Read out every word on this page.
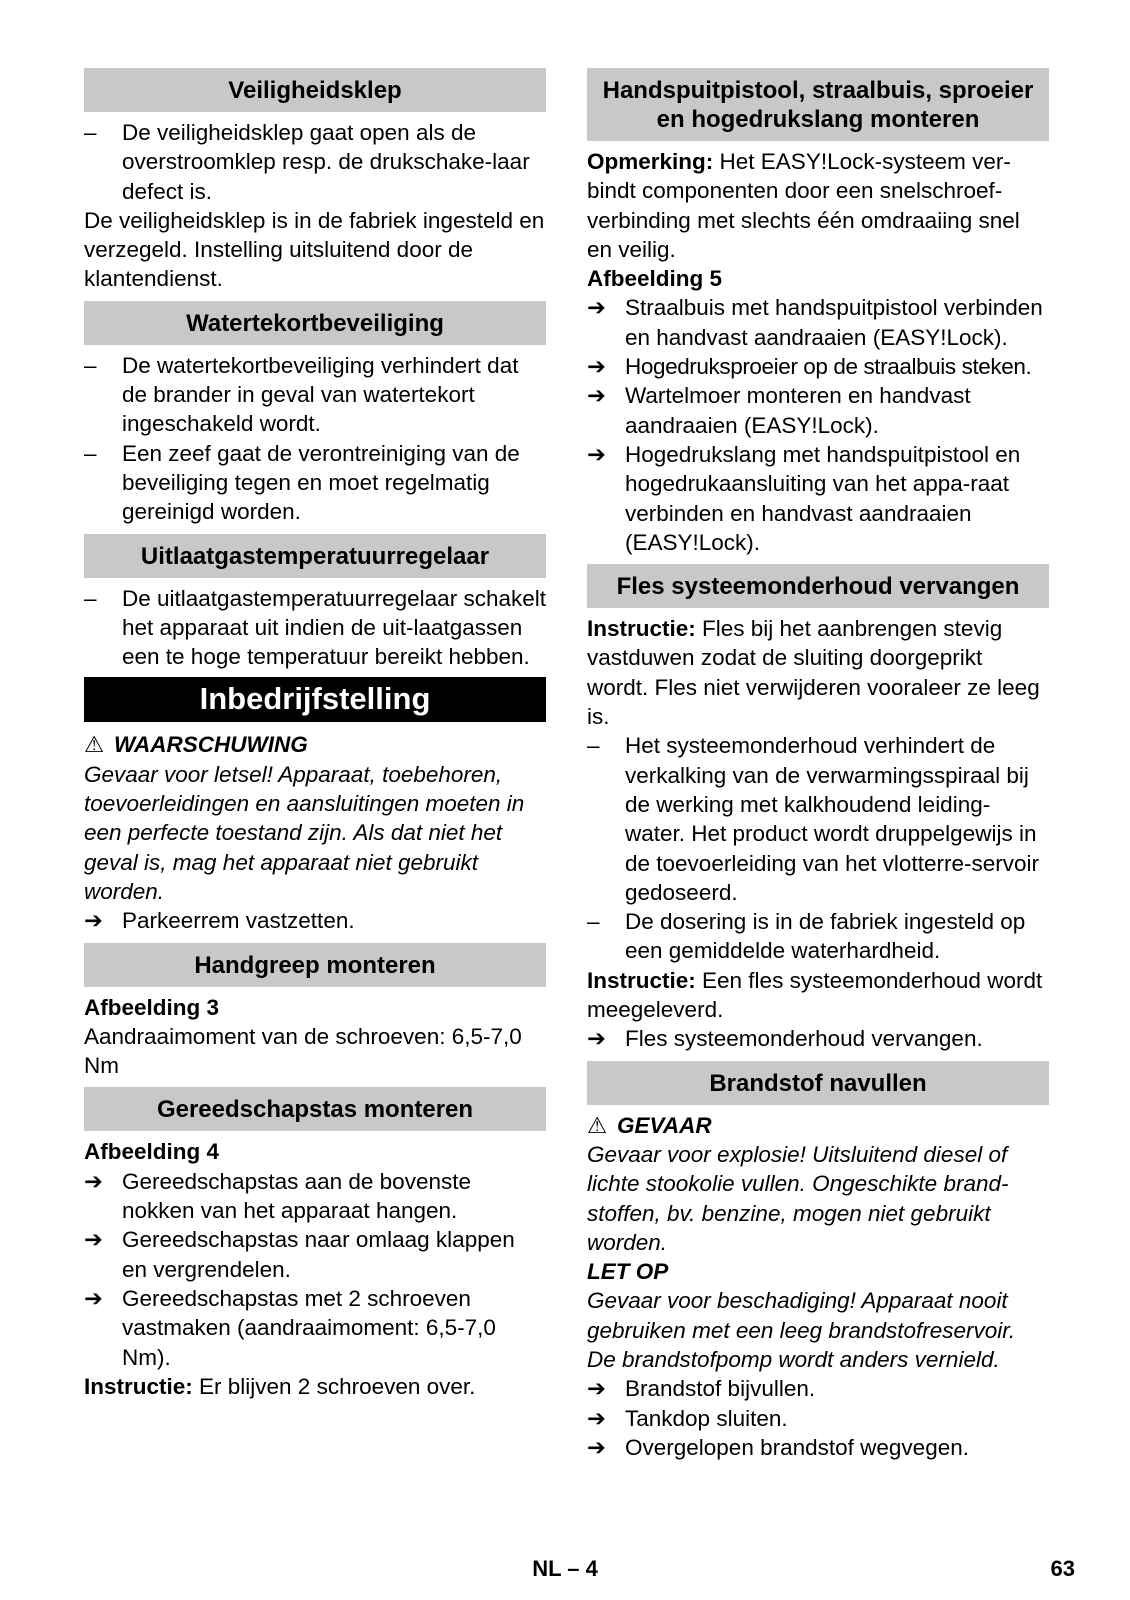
Veiligheidsklep
–	De veiligheidsklep gaat open als de overstroomklep resp. de drukschake-laar defect is.

De veiligheidsklep is in de fabriek ingesteld en verzegeld. Instelling uitsluitend door de klantendienst.

Watertekortbeveiliging
–	De watertekortbeveiliging verhindert dat de brander in geval van watertekort ingeschakeld wordt.
–	Een zeef gaat de verontreiniging van de beveiliging tegen en moet regelmatig gereinigd worden.
Uitlaatgastemperatuurregelaar
–	De uitlaatgastemperatuurregelaar schakelt het apparaat uit indien de uit-laatgassen een te hoge temperatuur bereikt hebben.
Inbedrijfstelling
⚠ WAARSCHUWING

Gevaar voor letsel! Apparaat, toebehoren, toevoerleidingen en aansluitingen moeten in een perfecte toestand zijn. Als dat niet het geval is, mag het apparaat niet gebruikt worden.

➔ Parkeerrem vastzetten.
Handgreep monteren

Afbeelding 3

Aandraaimoment van de schroeven: 6,5-7,0 Nm

Gereedschapstas monteren

Afbeelding 4

➔ Gereedschapstas aan de bovenste nokken van het apparaat hangen.
➔ Gereedschapstas naar omlaag klappen en vergrendelen.
➔ Gereedschapstas met 2 schroeven vastmaken (aandraaimoment: 6,5-7,0 Nm).

Instructie: Er blijven 2 schroeven over.

Handspuitpistool, straalbuis, sproeier en hogedrukslang monteren

Opmerking: Het EASY!Lock-systeem ver-bindt componenten door een snelschroef-verbinding met slechts één omdraaiing snel en veilig.

Afbeelding 5

➔ Straalbuis met handspuitpistool verbinden en handvast aandraaien (EASY!Lock).
➔ Hogedruksproeier op de straalbuis steken.
➔ Wartelmoer monteren en handvast aandraaien (EASY!Lock).
➔ Hogedrukslang met handspuitpistool en hogedrukaansluiting van het appa-raat verbinden en handvast aandraaien (EASY!Lock).
Fles systeemonderhoud vervangen

Instructie: Fles bij het aanbrengen stevig vastduwen zodat de sluiting doorgeprikt wordt. Fles niet verwijderen vooraleer ze leeg is.

–	Het systeemonderhoud verhindert de verkalking van de verwarmingsspiraal bij de werking met kalkhoudend leiding-water. Het product wordt druppelgewijs in de toevoerleiding van het vlotterre-servoir gedoseerd.
–	De dosering is in de fabriek ingesteld op een gemiddelde waterhardheid.

Instructie: Een fles systeemonderhoud wordt meegeleverd.

➔ Fles systeemonderhoud vervangen.
Brandstof navullen
⚠ GEVAAR

Gevaar voor explosie! Uitsluitend diesel of lichte stookolie vullen. Ongeschikte brand-stoffen, bv. benzine, mogen niet gebruikt worden.

LET OP

Gevaar voor beschadiging! Apparaat nooit gebruiken met een leeg brandstofreservoir. De brandstofpomp wordt anders vernield.

➔ Brandstof bijvullen.
➔ Tankdop sluiten.
➔ Overgelopen brandstof wegvegen.
NL – 4	63
